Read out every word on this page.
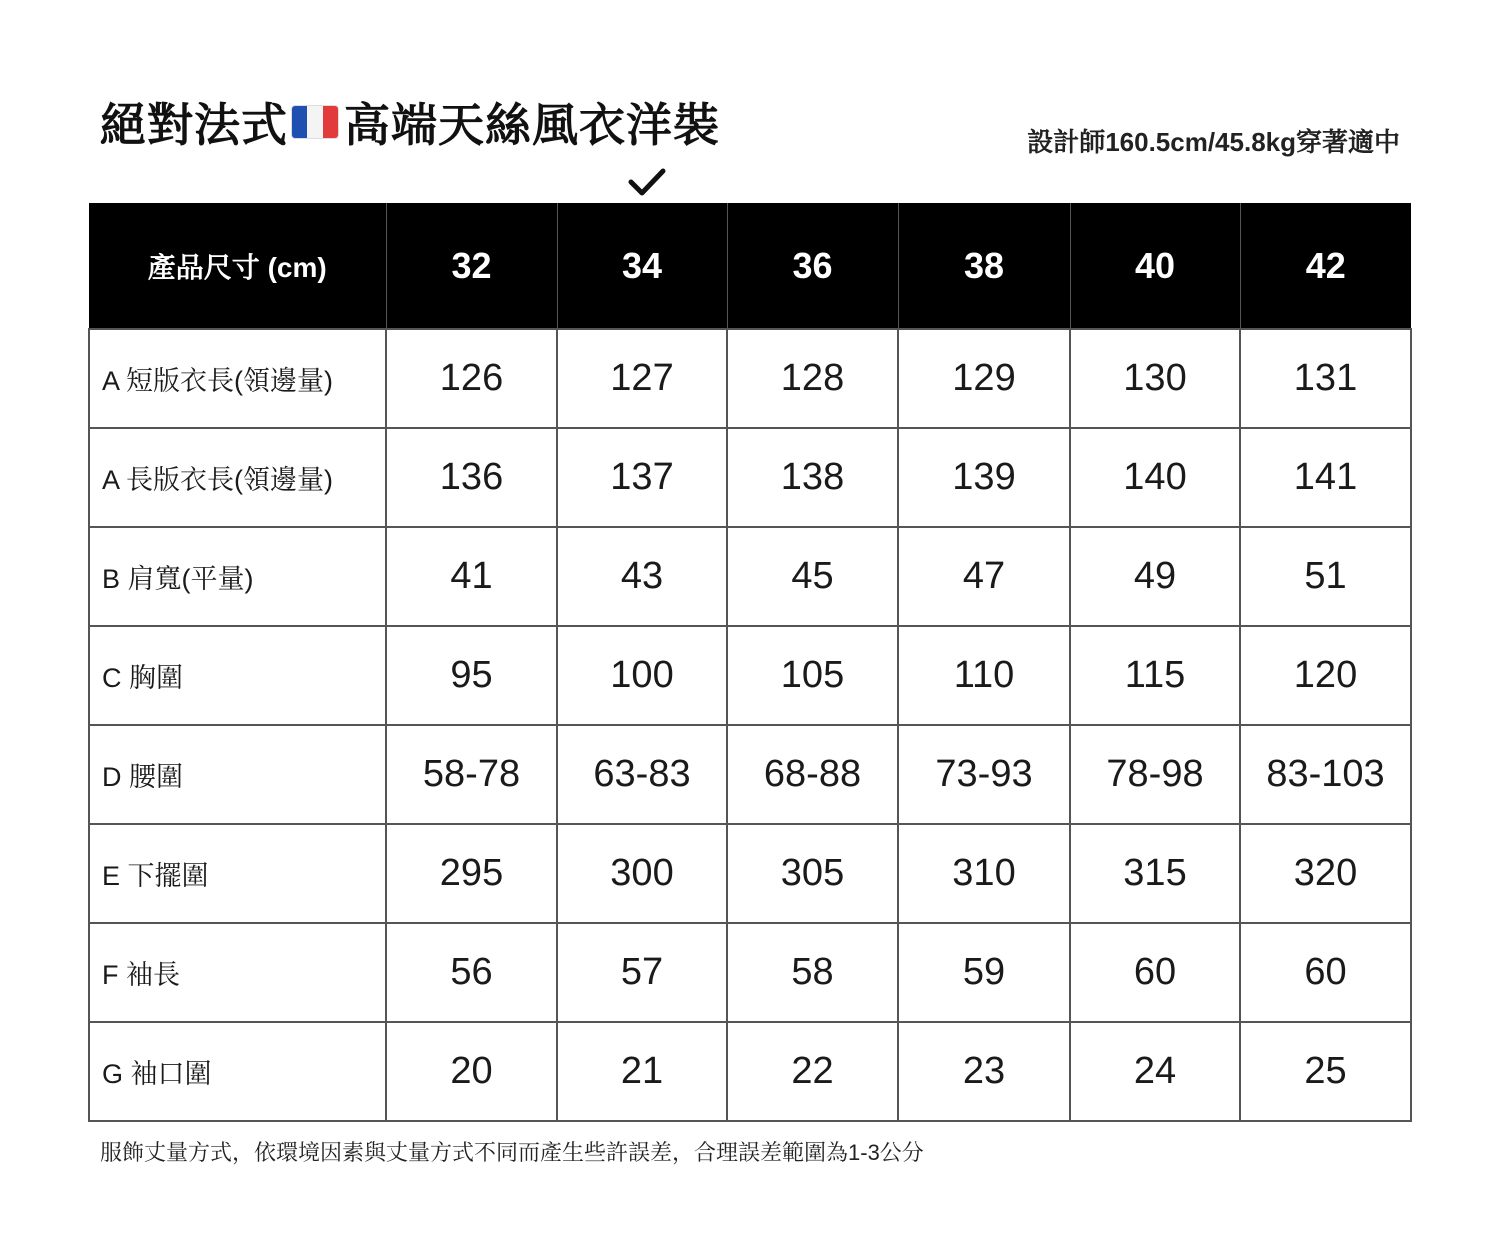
絕對法式 高端天絲風衣洋裝	設計師160.5cm/45.8kg穿著適中
產品尺寸 (cm)	32	34	36	38	40	42
A 短版衣長(領邊量)	126	127	128	129	130	131
A 長版衣長(領邊量)	136	137	138	139	140	141
B 肩寬(平量)	41	43	45	47	49	51
C 胸圍	95	100	105	110	115	120
D 腰圍	58-78	63-83	68-88	73-93	78-98	83-103
E 下擺圍	295	300	305	310	315	320
F 袖長	56	57	58	59	60	60
G 袖口圍	20	21	22	23	24	25
服飾丈量方式，依環境因素與丈量方式不同而產生些許誤差，合理誤差範圍為1-3公分
